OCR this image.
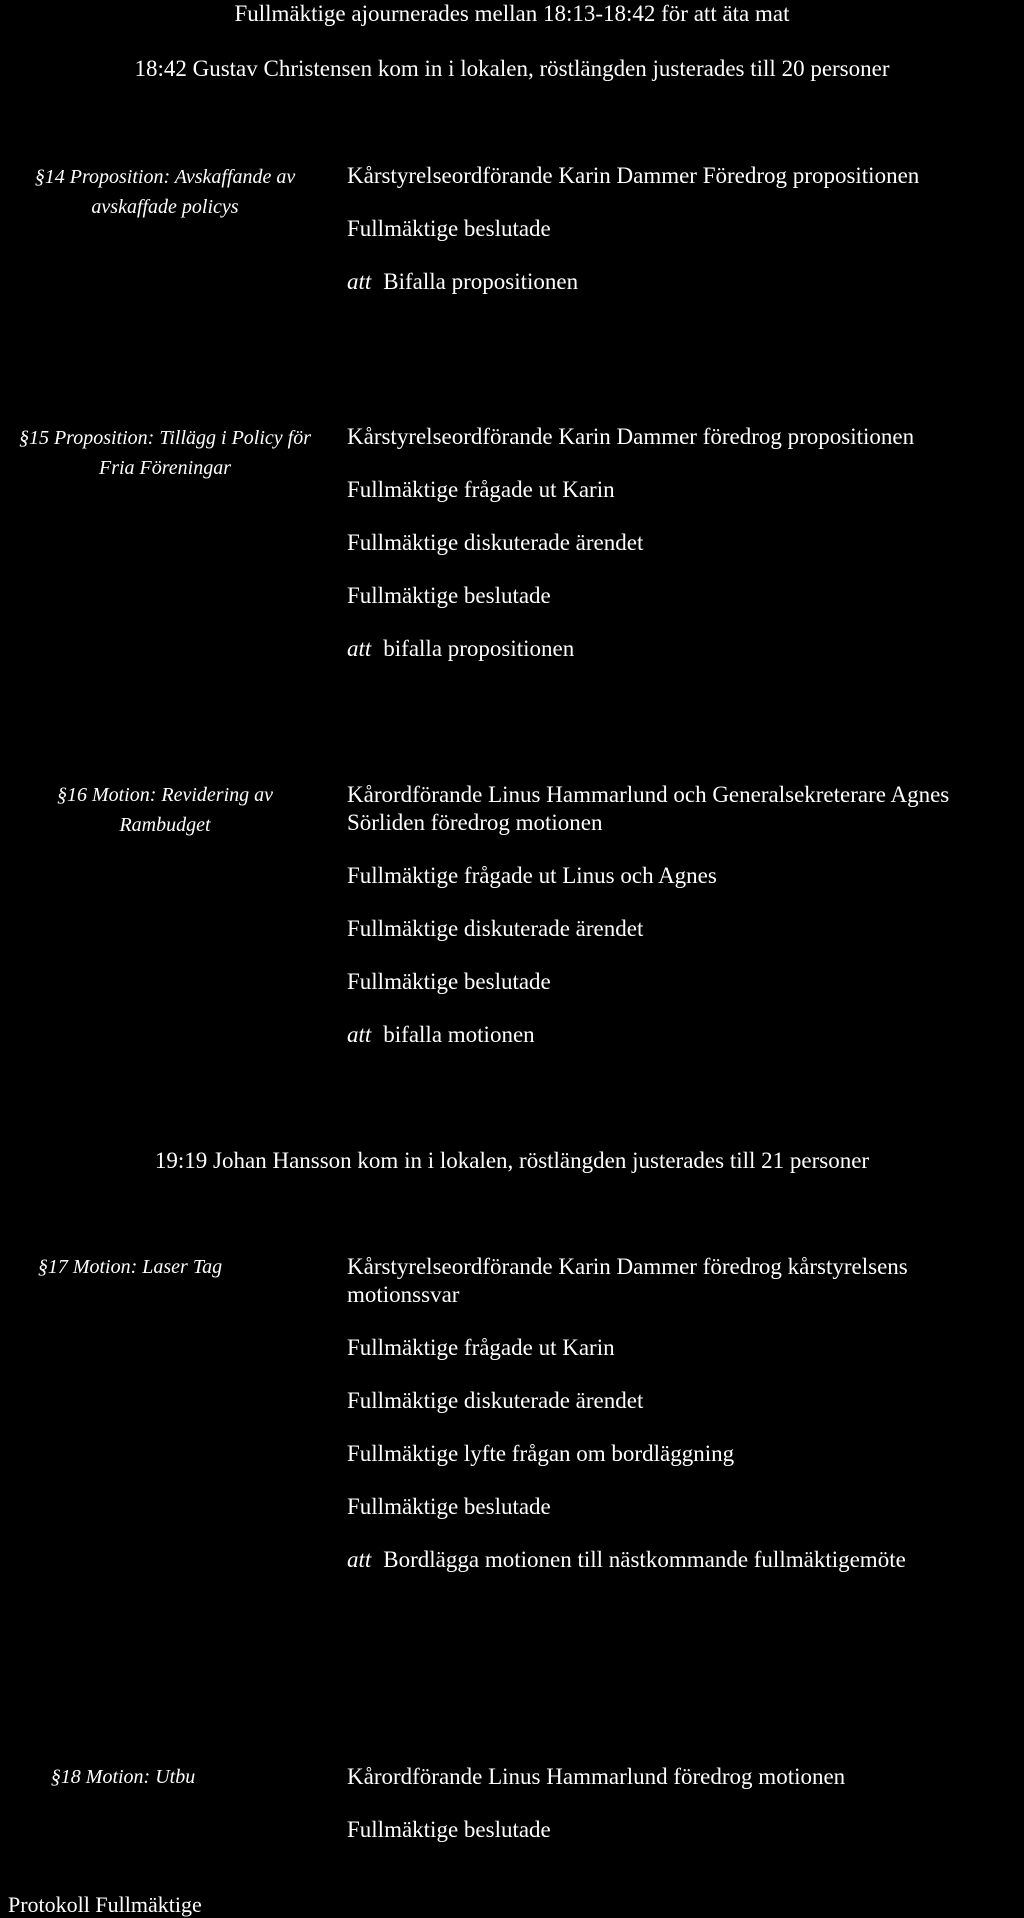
Fullmäktige ajournerades mellan 18:13-18:42 för att äta mat
18:42 Gustav Christensen kom in i lokalen, röstlängden justerades till 20 personer
§14 Proposition: Avskaffande av
avskaffade policys

Kårstyrelseordförande Karin Dammer Föredrog propositionen

Fullmäktige beslutade

att Bifalla propositionen

§15 Proposition: Tillägg i Policy för
Fria Föreningar

Kårstyrelseordförande Karin Dammer föredrog propositionen

Fullmäktige frågade ut Karin

Fullmäktige diskuterade ärendet

Fullmäktige beslutade

att bifalla propositionen

§16 Motion: Revidering av
Rambudget

Kårordförande Linus Hammarlund och Generalsekreterare Agnes

Sörliden föredrog motionen

Fullmäktige frågade ut Linus och Agnes

Fullmäktige diskuterade ärendet

Fullmäktige beslutade

att bifalla motionen

19:19 Johan Hansson kom in i lokalen, röstlängden justerades till 21 personer
§17 Motion: Laser Tag	Kårstyrelseordförande Karin Dammer föredrog kårstyrelsens

motionssvar

Fullmäktige frågade ut Karin

Fullmäktige diskuterade ärendet

Fullmäktige lyfte frågan om bordläggning

Fullmäktige beslutade

att Bordlägga motionen till nästkommande fullmäktigemöte

§18 Motion: Utbu	Kårordförande Linus Hammarlund föredrog motionen

Fullmäktige beslutade

Protokoll Fullmäktige
